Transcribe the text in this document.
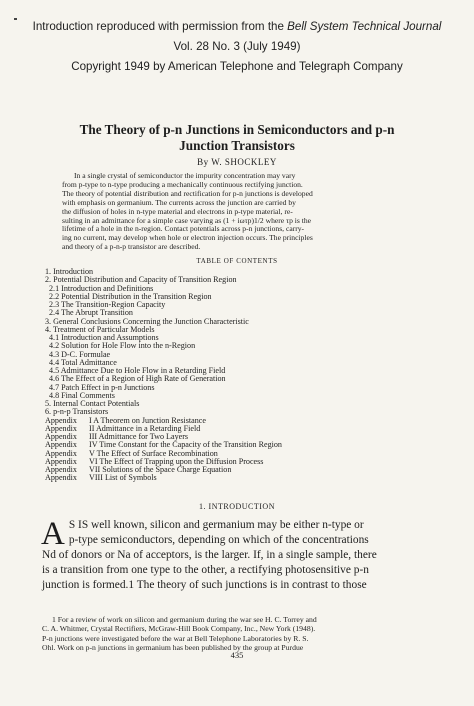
Introduction reproduced with permission from the Bell System Technical Journal
Vol. 28 No. 3 (July 1949)
Copyright 1949 by American Telephone and Telegraph Company
The Theory of p-n Junctions in Semiconductors and p-n
Junction Transistors
By W. SHOCKLEY
In a single crystal of semiconductor the impurity concentration may vary
from p-type to n-type producing a mechanically continuous rectifying junction.
The theory of potential distribution and rectification for p-n junctions is developed
with emphasis on germanium. The currents across the junction are carried by
the diffusion of holes in n-type material and electrons in p-type material, re-
sulting in an admittance for a simple case varying as (1 + iωτp)1/2 where τp is the
lifetime of a hole in the n-region. Contact potentials across p-n junctions, carry-
ing no current, may develop when hole or electron injection occurs. The principles
and theory of a p-n-p transistor are described.
TABLE OF CONTENTS
1. Introduction
2. Potential Distribution and Capacity of Transition Region
2.1 Introduction and Definitions
2.2 Potential Distribution in the Transition Region
2.3 The Transition-Region Capacity
2.4 The Abrupt Transition
3. General Conclusions Concerning the Junction Characteristic
4. Treatment of Particular Models
4.1 Introduction and Assumptions
4.2 Solution for Hole Flow into the n-Region
4.3 D-C. Formulae
4.4 Total Admittance
4.5 Admittance Due to Hole Flow in a Retarding Field
4.6 The Effect of a Region of High Rate of Generation
4.7 Patch Effect in p-n Junctions
4.8 Final Comments
5. Internal Contact Potentials
6. p-n-p Transistors
Appendix I A Theorem on Junction Resistance
Appendix II Admittance in a Retarding Field
Appendix III Admittance for Two Layers
Appendix IV Time Constant for the Capacity of the Transition Region
Appendix V The Effect of Surface Recombination
Appendix VI The Effect of Trapping upon the Diffusion Process
Appendix VII Solutions of the Space Charge Equation
Appendix VIII List of Symbols
1. INTRODUCTION
A S IS well known, silicon and germanium may be either n-type or
p-type semiconductors, depending on which of the concentrations
Nd of donors or Na of acceptors, is the larger. If, in a single sample, there
is a transition from one type to the other, a rectifying photosensitive p-n
junction is formed.1 The theory of such junctions is in contrast to those
1 For a review of work on silicon and germanium during the war see H. C. Torrey and
C. A. Whitmer, Crystal Rectifiers, McGraw-Hill Book Company, Inc., New York (1948).
P-n junctions were investigated before the war at Bell Telephone Laboratories by R. S.
Ohl. Work on p-n junctions in germanium has been published by the group at Purdue
435
